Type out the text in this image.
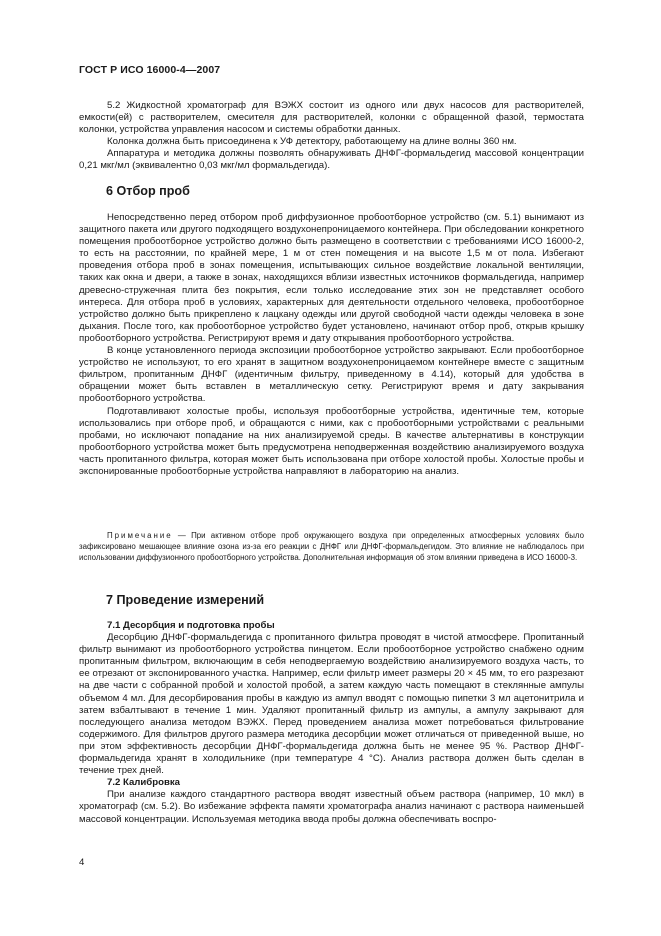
ГОСТ Р ИСО 16000-4—2007

5.2 Жидкостной хроматограф для ВЭЖХ состоит из одного или двух насосов для растворителей, емкости(ей) с растворителем, смесителя для растворителей, колонки с обращенной фазой, термостата колонки, устройства управления насосом и системы обработки данных.

Колонка должна быть присоединена к УФ детектору, работающему на длине волны 360 нм.

Аппаратура и методика должны позволять обнаруживать ДНФГ-формальдегид массовой концентрации 0,21 мкг/мл (эквивалентно 0,03 мкг/мл формальдегида).

6 Отбор проб

Непосредственно перед отбором проб диффузионное пробоотборное устройство (см. 5.1) вынимают из защитного пакета или другого подходящего воздухонепроницаемого контейнера. При обследовании конкретного помещения пробоотборное устройство должно быть размещено в соответствии с требованиями ИСО 16000-2, то есть на расстоянии, по крайней мере, 1 м от стен помещения и на высоте 1,5 м от пола. Избегают проведения отбора проб в зонах помещения, испытывающих сильное воздействие локальной вентиляции, таких как окна и двери, а также в зонах, находящихся вблизи известных источников формальдегида, например древесно-стружечная плита без покрытия, если только исследование этих зон не представляет особого интереса. Для отбора проб в условиях, характерных для деятельности отдельного человека, пробоотборное устройство должно быть прикреплено к лацкану одежды или другой свободной части одежды человека в зоне дыхания. После того, как пробоотборное устройство будет установлено, начинают отбор проб, открыв крышку пробоотборного устройства. Регистрируют время и дату открывания пробоотборного устройства.

В конце установленного периода экспозиции пробоотборное устройство закрывают. Если пробоотборное устройство не используют, то его хранят в защитном воздухонепроницаемом контейнере вместе с защитным фильтром, пропитанным ДНФГ (идентичным фильтру, приведенному в 4.14), который для удобства в обращении может быть вставлен в металлическую сетку. Регистрируют время и дату закрывания пробоотборного устройства.

Подготавливают холостые пробы, используя пробоотборные устройства, идентичные тем, которые использовались при отборе проб, и обращаются с ними, как с пробоотборными устройствами с реальными пробами, но исключают попадание на них анализируемой среды. В качестве альтернативы в конструкции пробоотборного устройства может быть предусмотрена неподверженная воздействию анализируемого воздуха часть пропитанного фильтра, которая может быть использована при отборе холостой пробы. Холостые пробы и экспонированные пробоотборные устройства направляют в лабораторию на анализ.

Примечание — При активном отборе проб окружающего воздуха при определенных атмосферных условиях было зафиксировано мешающее влияние озона из-за его реакции с ДНФГ или ДНФГ-формальдегидом. Это влияние не наблюдалось при использовании диффузионного пробоотборного устройства. Дополнительная информация об этом влиянии приведена в ИСО 16000-3.

7 Проведение измерений

7.1 Десорбция и подготовка пробы

Десорбцию ДНФГ-формальдегида с пропитанного фильтра проводят в чистой атмосфере. Пропитанный фильтр вынимают из пробоотборного устройства пинцетом. Если пробоотборное устройство снабжено одним пропитанным фильтром, включающим в себя неподвергаемую воздействию анализируемого воздуха часть, то ее отрезают от экспонированного участка. Например, если фильтр имеет размеры 20 × 45 мм, то его разрезают на две части с собранной пробой и холостой пробой, а затем каждую часть помещают в стеклянные ампулы объемом 4 мл. Для десорбирования пробы в каждую из ампул вводят с помощью пипетки 3 мл ацетонитрила и затем взбалтывают в течение 1 мин. Удаляют пропитанный фильтр из ампулы, а ампулу закрывают для последующего анализа методом ВЭЖХ. Перед проведением анализа может потребоваться фильтрование содержимого. Для фильтров другого размера методика десорбции может отличаться от приведенной выше, но при этом эффективность десорбции ДНФГ-формальдегида должна быть не менее 95 %. Раствор ДНФГ-формальдегида хранят в холодильнике (при температуре 4 °С). Анализ раствора должен быть сделан в течение трех дней.

7.2 Калибровка

При анализе каждого стандартного раствора вводят известный объем раствора (например, 10 мкл) в хроматограф (см. 5.2). Во избежание эффекта памяти хроматографа анализ начинают с раствора наименьшей массовой концентрации. Используемая методика ввода пробы должна обеспечивать воспро-

4
